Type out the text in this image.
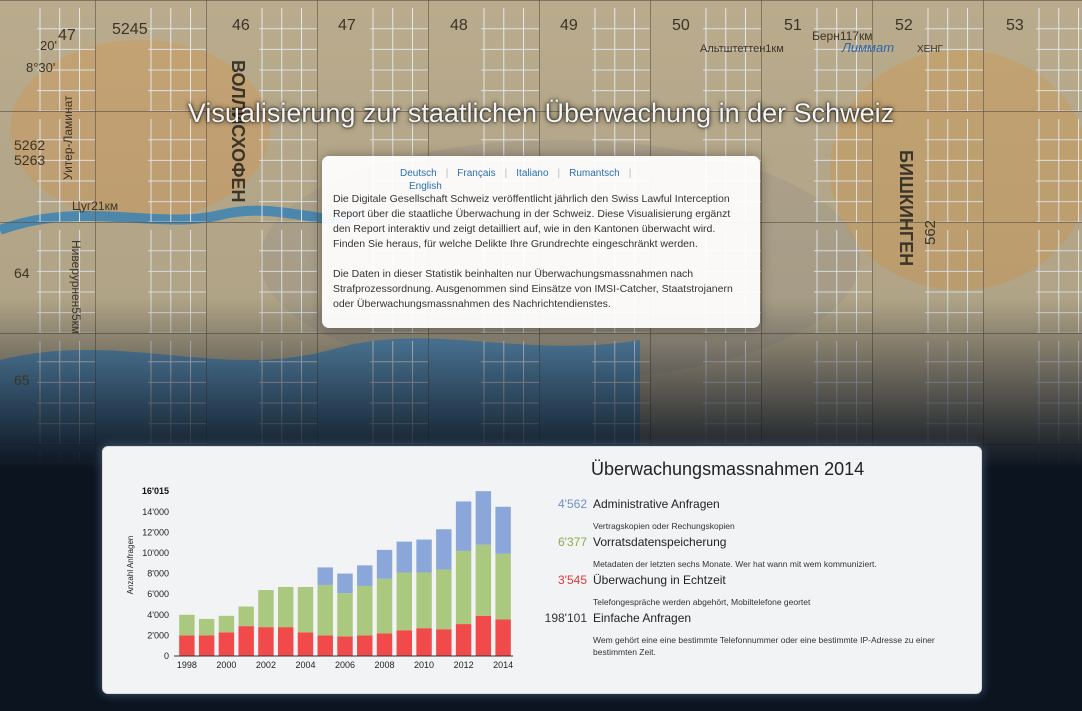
47 5245	46	47	48	49	50	51	52	53
20'
8°30'
Уитер-Ламинат
Альтштеттен1км
Берн117км
Лиммат ХЕНГ
ВОЛЛИСХОФЕН
БИШКИНГЕН
Цуг21км
Ниверурнен55км
5262
5263
64
65
562
Visualisierung zur staatlichen Überwachung in der Schweiz
Deutsch | Français | Italiano | Rumantsch |
English

Die Digitale Gesellschaft Schweiz veröffentlicht jährlich den Swiss Lawful Interception Report über die staatliche Überwachung in der Schweiz. Diese Visualisierung ergänzt den Report interaktiv und zeigt detailliert auf, wie in den Kantonen überwacht wird. Finden Sie heraus, für welche Delikte Ihre Grundrechte eingeschränkt werden.

Die Daten in dieser Statistik beinhalten nur Überwachungsmassnahmen nach Strafprozessordnung. Ausgenommen sind Einsätze von IMSI-Catcher, Staatstrojanern oder Überwachungsmassnahmen des Nachrichtendienstes.

Anzahl Anfragen
16'015
0
2'000
4'000
6'000
8'000
10'000
12'000
14'000
1998 2000 2002 2004 2006 2008 2010 2012 2014
Überwachungsmassnahmen 2014
4'562 Administrative Anfragen
Vertragskopien oder Rechungskopien
6'377 Vorratsdatenspeicherung
Metadaten der letzten sechs Monate. Wer hat wann mit wem kommuniziert.
3'545 Überwachung in Echtzeit
Telefongespräche werden abgehört, Mobiltelefone geortet
198'101 Einfache Anfragen
Wem gehört eine eine bestimmte Telefonnummer oder eine bestimmte IP-Adresse zu einer bestimmten Zeit.
